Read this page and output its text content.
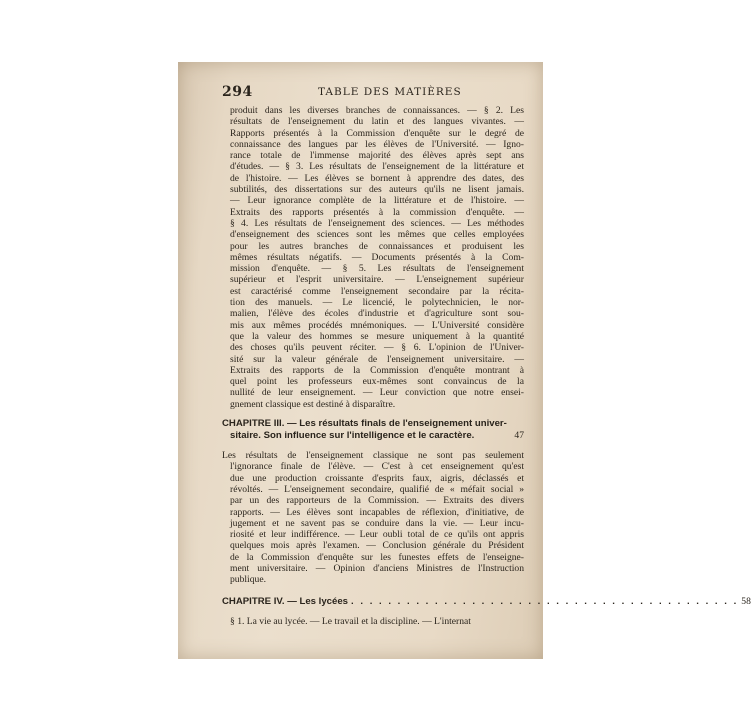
294	TABLE DES MATIÈRES
produit dans les diverses branches de connaissances. — § 2. Les
résultats de l'enseignement du latin et des langues vivantes. —
Rapports présentés à la Commission d'enquête sur le degré de
connaissance des langues par les élèves de l'Université. — Igno-
rance totale de l'immense majorité des élèves après sept ans
d'études. — § 3. Les résultats de l'enseignement de la littérature et
de l'histoire. — Les élèves se bornent à apprendre des dates, des
subtilités, des dissertations sur des auteurs qu'ils ne lisent jamais.
— Leur ignorance complète de la littérature et de l'histoire. —
Extraits des rapports présentés à la commission d'enquête. —
§ 4. Les résultats de l'enseignement des sciences. — Les méthodes
d'enseignement des sciences sont les mêmes que celles employées
pour les autres branches de connaissances et produisent les
mêmes résultats négatifs. — Documents présentés à la Com-
mission d'enquête. — § 5. Les résultats de l'enseignement
supérieur et l'esprit universitaire. — L'enseignement supérieur
est caractérisé comme l'enseignement secondaire par la récita-
tion des manuels. — Le licencié, le polytechnicien, le nor-
malien, l'élève des écoles d'industrie et d'agriculture sont sou-
mis aux mêmes procédés mnémoniques. — L'Université considère
que la valeur des hommes se mesure uniquement à la quantité
des choses qu'ils peuvent réciter. — § 6. L'opinion de l'Univer-
sité sur la valeur générale de l'enseignement universitaire. —
Extraits des rapports de la Commission d'enquête montrant à
quel point les professeurs eux-mêmes sont convaincus de la
nullité de leur enseignement. — Leur conviction que notre ensei-
gnement classique est destiné à disparaître.
CHAPITRE III. — Les résultats finals de l'enseignement univer-
sitaire. Son influence sur l'intelligence et le caractère.	47
Les résultats de l'enseignement classique ne sont pas seulement
l'ignorance finale de l'élève. — C'est à cet enseignement qu'est
due une production croissante d'esprits faux, aigris, déclassés et
révoltés. — L'enseignement secondaire, qualifié de « méfait social »
par un des rapporteurs de la Commission. — Extraits des divers
rapports. — Les élèves sont incapables de réflexion, d'initiative, de
jugement et ne savent pas se conduire dans la vie. — Leur incu-
riosité et leur indifférence. — Leur oubli total de ce qu'ils ont appris
quelques mois après l'examen. — Conclusion générale du Président
de la Commission d'enquête sur les funestes effets de l'enseigne-
ment universitaire. — Opinion d'anciens Ministres de l'Instruction
publique.
CHAPITRE IV. — Les lycées . . . . . . . . . . . . . . . . . . . . . . . . . . . . . . . . . . . . . . . . . . 58
§ 1. La vie au lycée. — Le travail et la discipline. — L'internat
